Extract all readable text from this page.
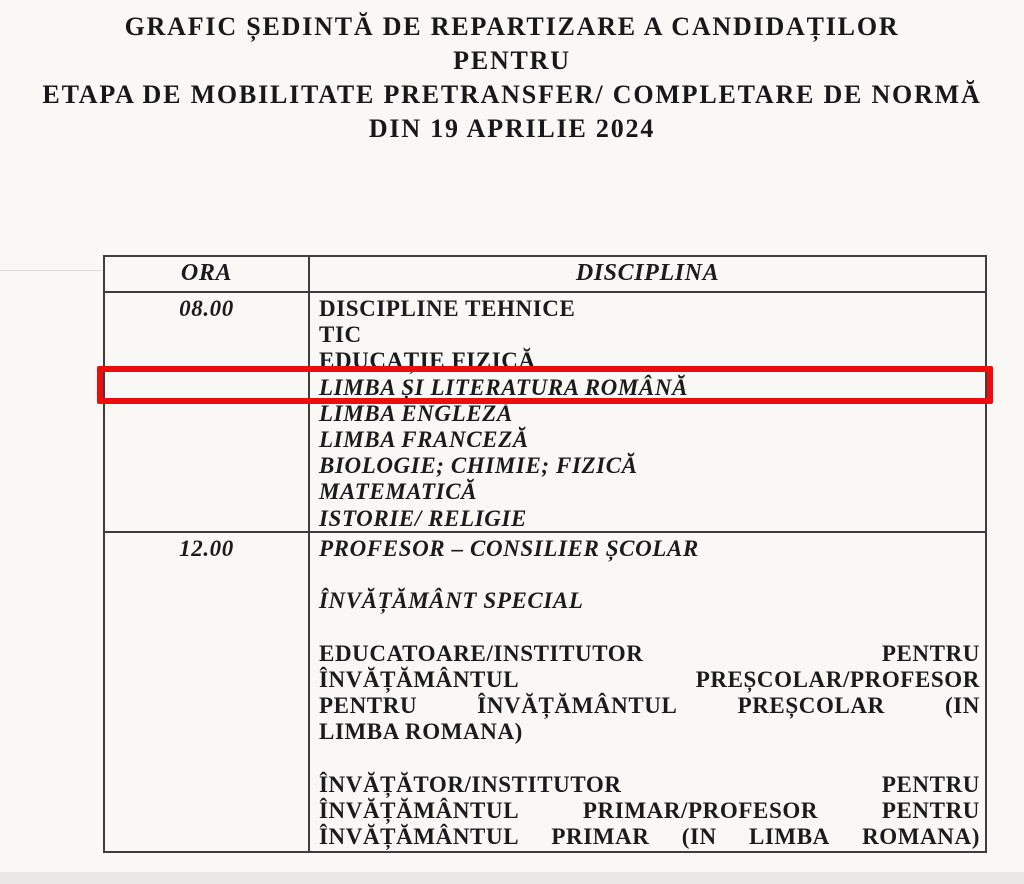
GRAFIC ȘEDINTĂ DE REPARTIZARE A CANDIDAȚILOR
PENTRU
ETAPA DE MOBILITATE PRETRANSFER/ COMPLETARE DE NORMĂ
DIN 19 APRILIE 2024
ORA	DISCIPLINA
08.00	DISCIPLINE TEHNICE
TIC
EDUCAȚIE FIZICĂ
LIMBA ȘI LITERATURA ROMÂNĂ
LIMBA ENGLEZĂ
LIMBA FRANCEZĂ
BIOLOGIE; CHIMIE; FIZICĂ
MATEMATICĂ
ISTORIE/ RELIGIE
12.00	PROFESOR – CONSILIER ȘCOLAR
ÎNVĂȚĂMÂNT SPECIAL
EDUCATOARE/INSTITUTOR	PENTRU
ÎNVĂȚĂMÂNTUL	PREȘCOLAR/PROFESOR
PENTRU	ÎNVĂȚĂMÂNTUL	PREȘCOLAR	(IN
LIMBA ROMANA)
ÎNVĂȚĂTOR/INSTITUTOR	PENTRU
ÎNVĂȚĂMÂNTUL	PRIMAR/PROFESOR	PENTRU
ÎNVĂȚĂMÂNTUL PRIMAR (IN LIMBA ROMANA)
